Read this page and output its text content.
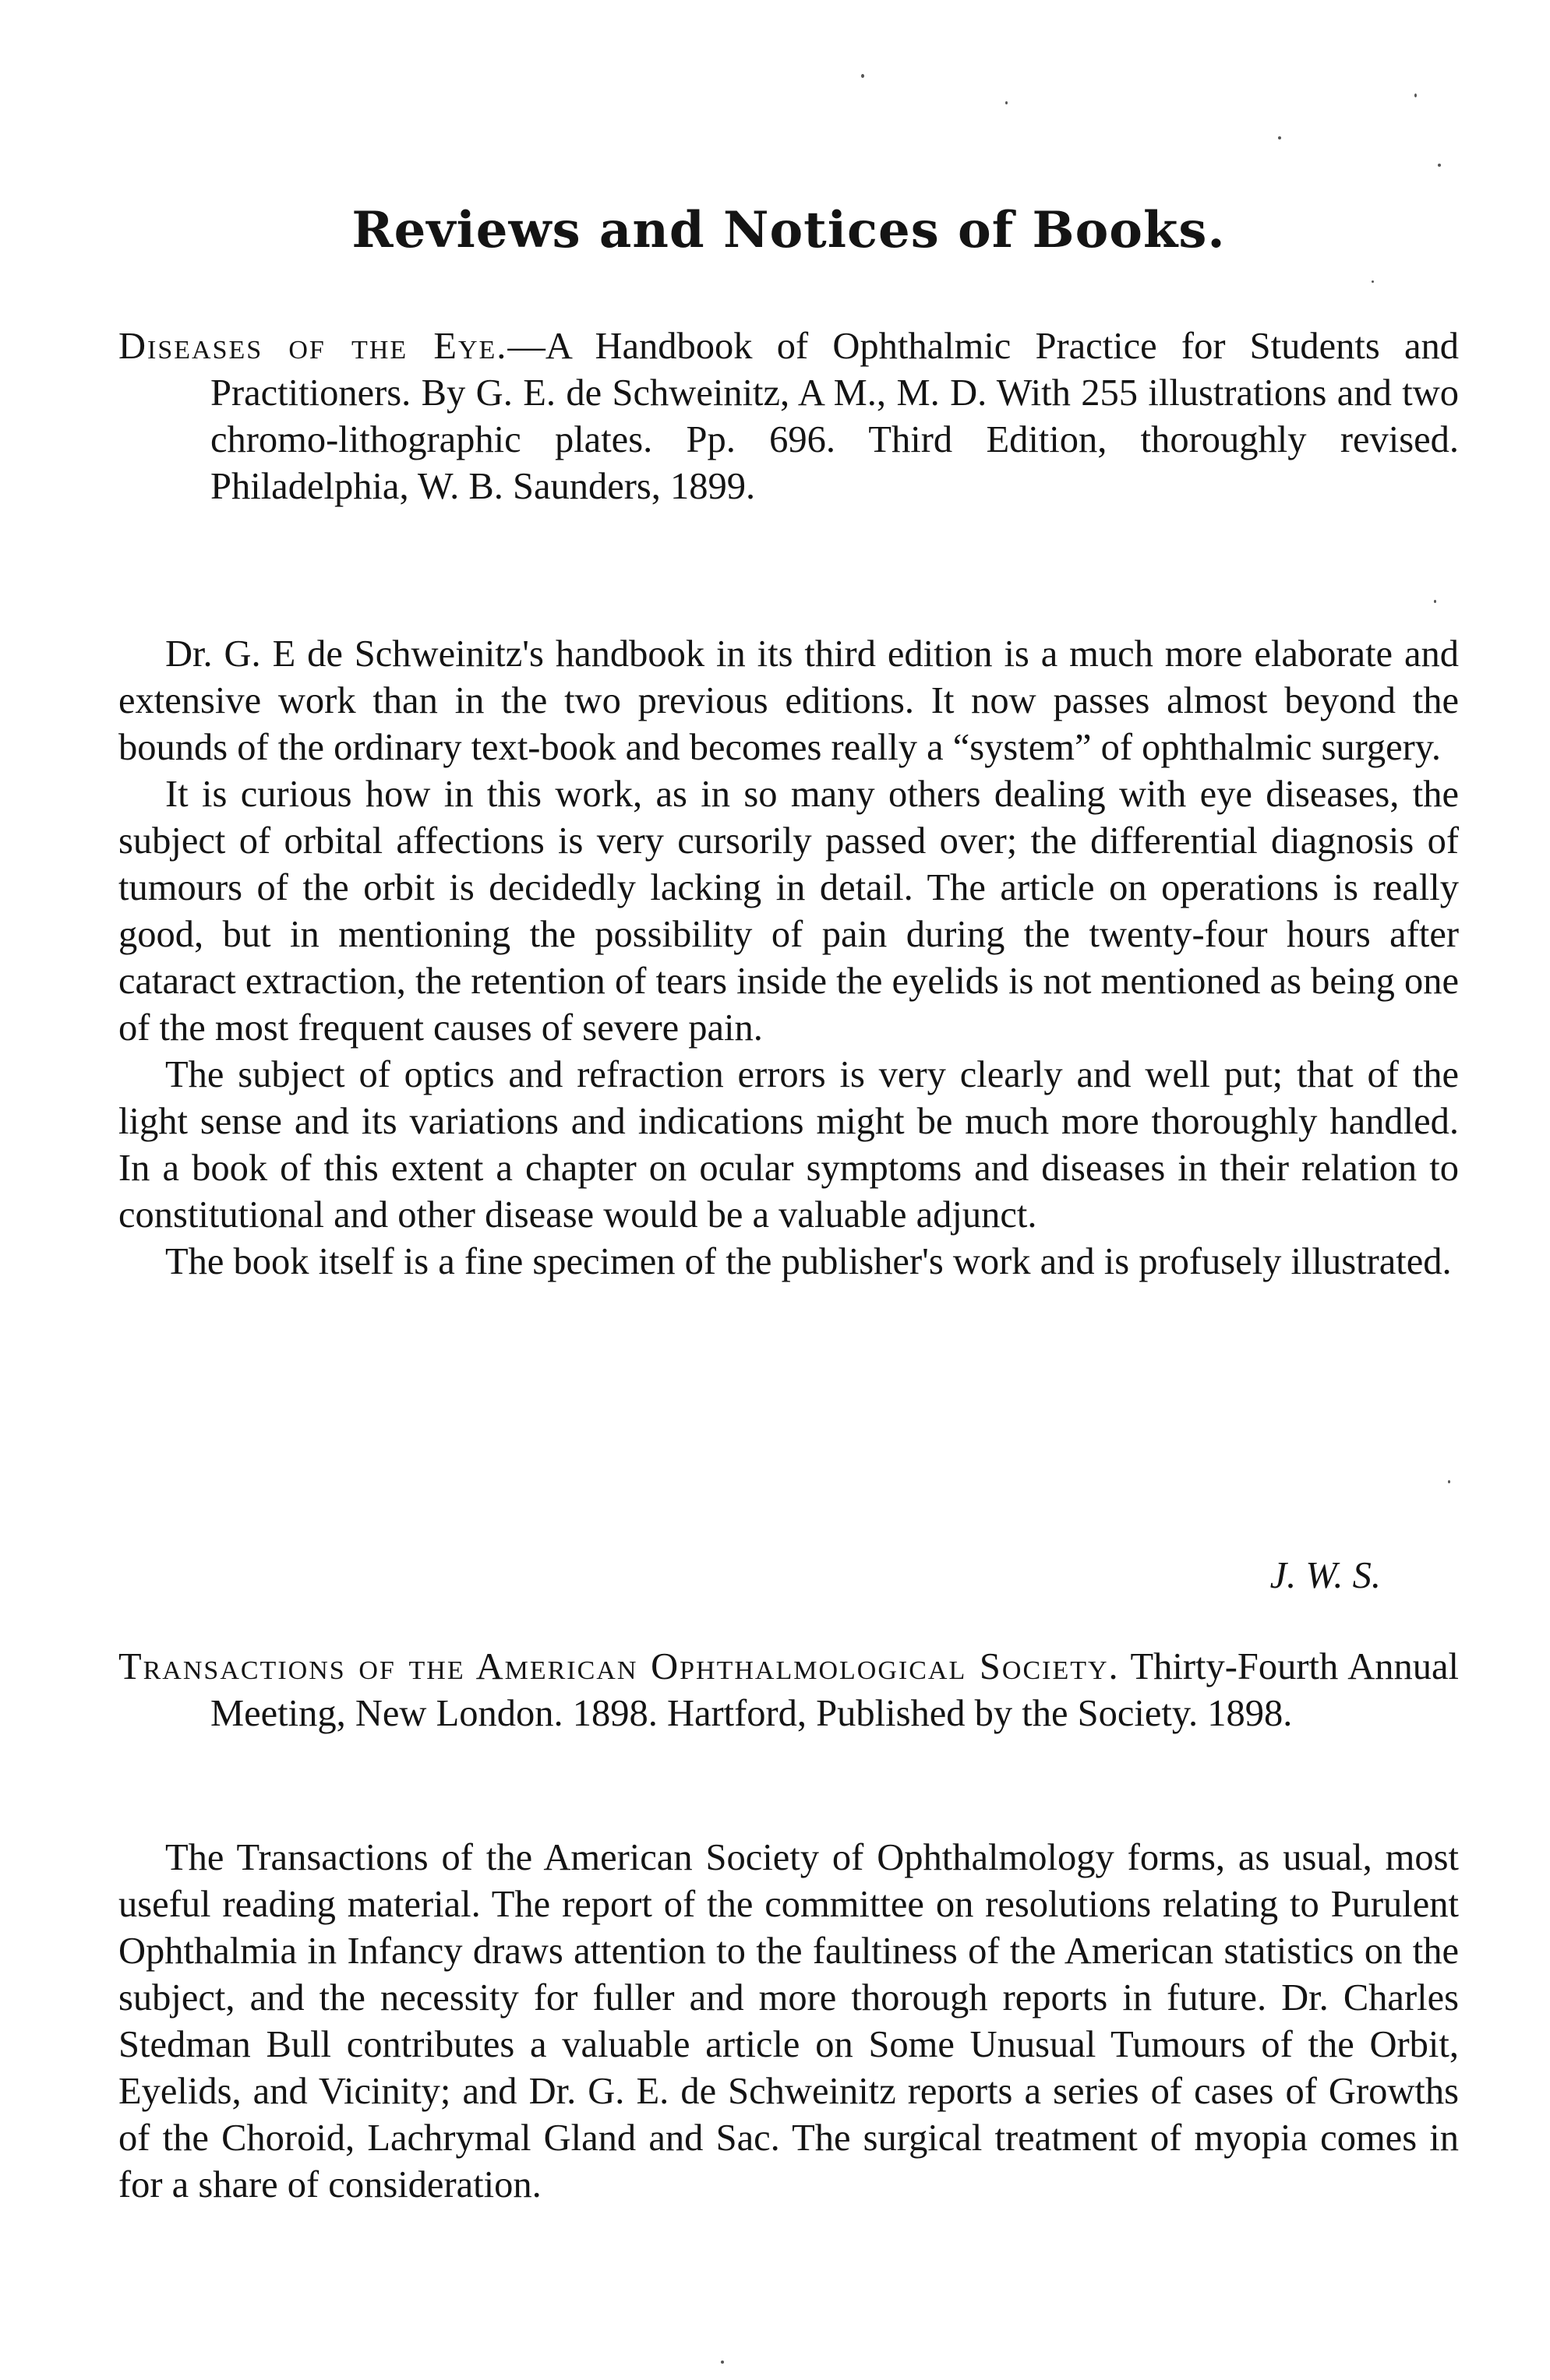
Reviews and Notices of Books.

Diseases of the Eye.—A Handbook of Ophthalmic Practice for Students and Practitioners. By G. E. de Schweinitz, A M., M. D. With 255 illustrations and two chromo-lithographic plates. Pp. 696. Third Edition, thoroughly revised. Philadelphia, W. B. Saunders, 1899.

Dr. G. E de Schweinitz's handbook in its third edition is a much more elaborate and extensive work than in the two previous editions. It now passes almost beyond the bounds of the ordinary text-book and becomes really a “system” of ophthalmic surgery.

It is curious how in this work, as in so many others dealing with eye diseases, the subject of orbital affections is very cursorily passed over; the differential diagnosis of tumours of the orbit is decidedly lacking in detail. The article on operations is really good, but in mentioning the possibility of pain during the twenty-four hours after cataract extraction, the retention of tears inside the eyelids is not mentioned as being one of the most frequent causes of severe pain.

The subject of optics and refraction errors is very clearly and well put; that of the light sense and its variations and indications might be much more thoroughly handled. In a book of this extent a chapter on ocular symptoms and diseases in their relation to constitutional and other disease would be a valuable adjunct.

The book itself is a fine specimen of the publisher's work and is profusely illustrated.

J. W. S.

Transactions of the American Ophthalmological Society. Thirty-Fourth Annual Meeting, New London. 1898. Hartford, Published by the Society. 1898.

The Transactions of the American Society of Ophthalmology forms, as usual, most useful reading material. The report of the committee on resolutions relating to Purulent Ophthalmia in Infancy draws attention to the faultiness of the American statistics on the subject, and the necessity for fuller and more thorough reports in future. Dr. Charles Stedman Bull contributes a valuable article on Some Unusual Tumours of the Orbit, Eyelids, and Vicinity; and Dr. G. E. de Schweinitz reports a series of cases of Growths of the Choroid, Lachrymal Gland and Sac. The surgical treatment of myopia comes in for a share of consideration.
